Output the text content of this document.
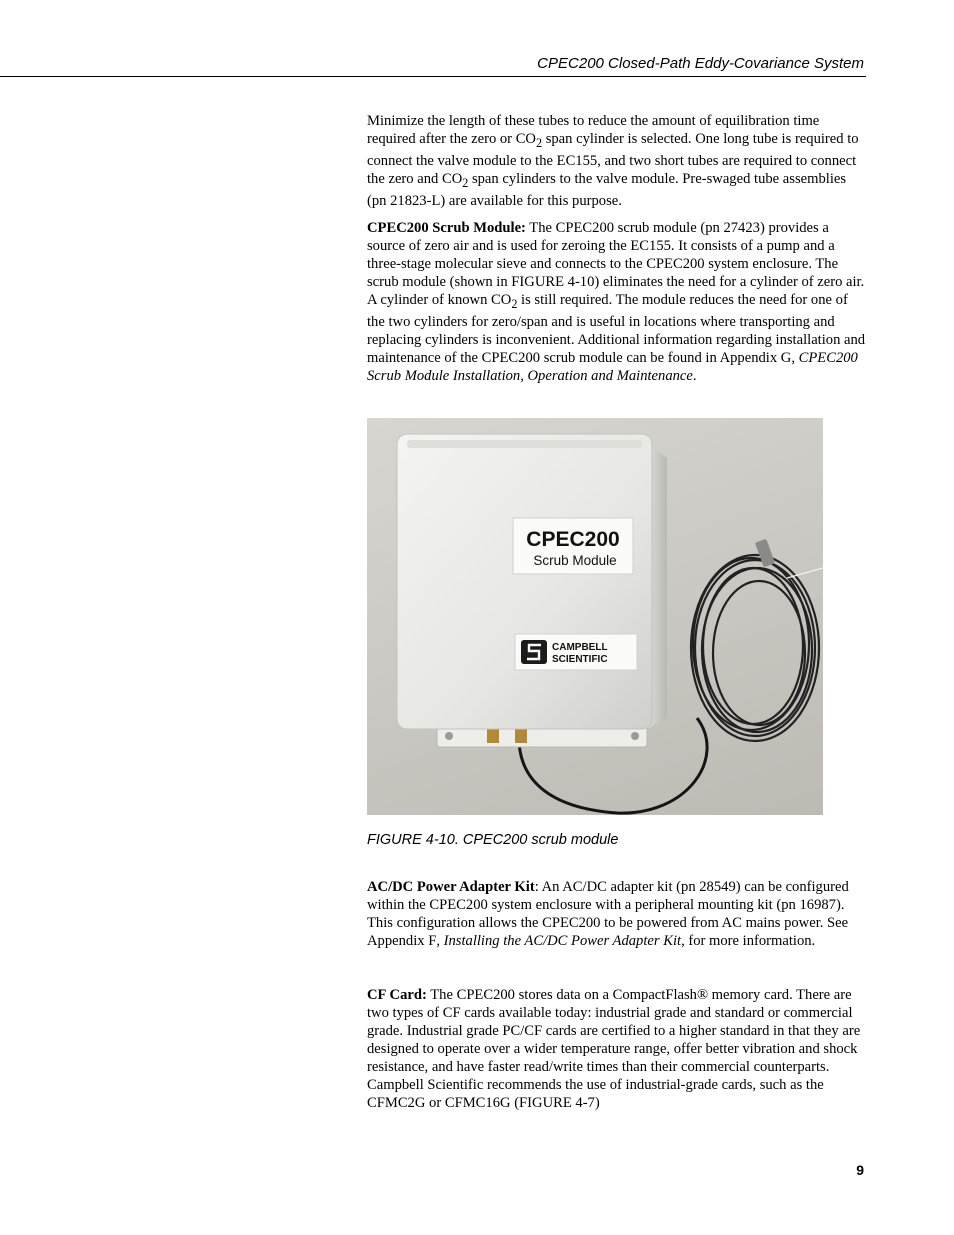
CPEC200 Closed-Path Eddy-Covariance System

Minimize the length of these tubes to reduce the amount of equilibration time required after the zero or $CO_2$ span cylinder is selected. One long tube is required to connect the valve module to the EC155, and two short tubes are required to connect the zero and $CO_2$ span cylinders to the valve module. Pre-swaged tube assemblies (pn 21823-L) are available for this purpose.

CPEC200 Scrub Module: The CPEC200 scrub module (pn 27423) provides a source of zero air and is used for zeroing the EC155. It consists of a pump and a three-stage molecular sieve and connects to the CPEC200 system enclosure. The scrub module (shown in FIGURE 4-10) eliminates the need for a cylinder of zero air. A cylinder of known $CO_2$ is still required. The module reduces the need for one of the two cylinders for zero/span and is useful in locations where transporting and replacing cylinders is inconvenient. Additional information regarding installation and maintenance of the CPEC200 scrub module can be found in Appendix G, CPEC200 Scrub Module Installation, Operation and Maintenance.

CPEC200
Scrub Module
CAMPBELL
SCIENTIFIC
FIGURE 4-10. CPEC200 scrub module

AC/DC Power Adapter Kit: An AC/DC adapter kit (pn 28549) can be configured within the CPEC200 system enclosure with a peripheral mounting kit (pn 16987). This configuration allows the CPEC200 to be powered from AC mains power. See Appendix F, Installing the AC/DC Power Adapter Kit, for more information.

CF Card: The CPEC200 stores data on a CompactFlash® memory card. There are two types of CF cards available today: industrial grade and standard or commercial grade. Industrial grade PC/CF cards are certified to a higher standard in that they are designed to operate over a wider temperature range, offer better vibration and shock resistance, and have faster read/write times than their commercial counterparts. Campbell Scientific recommends the use of industrial-grade cards, such as the CFMC2G or CFMC16G (FIGURE 4-7)

9
